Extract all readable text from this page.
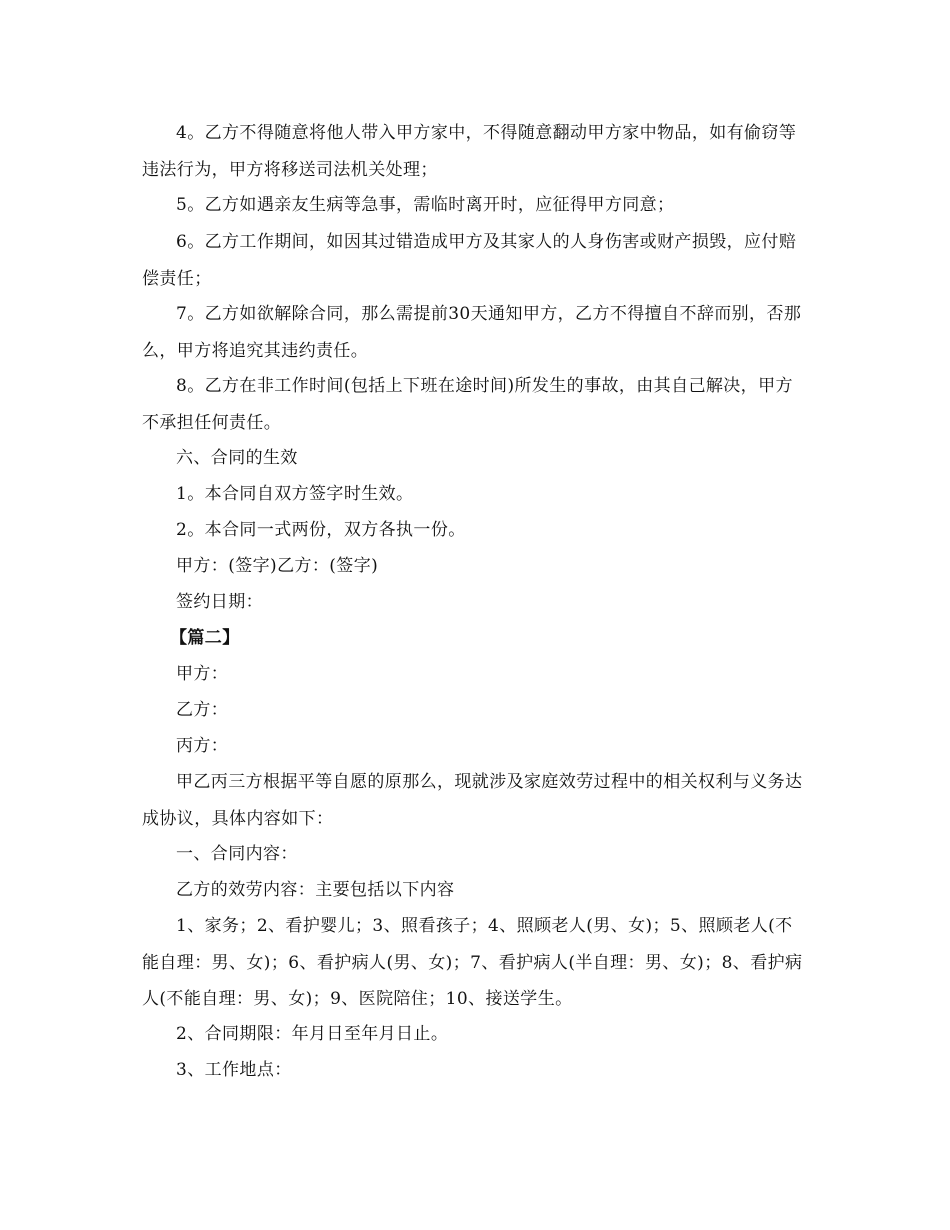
4。乙方不得随意将他人带入甲方家中，不得随意翻动甲方家中物品，如有偷窃等违法行为，甲方将移送司法机关处理；

5。乙方如遇亲友生病等急事，需临时离开时，应征得甲方同意；

6。乙方工作期间，如因其过错造成甲方及其家人的人身伤害或财产损毁，应付赔偿责任；

7。乙方如欲解除合同，那么需提前30天通知甲方，乙方不得擅自不辞而别，否那么，甲方将追究其违约责任。

8。乙方在非工作时间(包括上下班在途时间)所发生的事故，由其自己解决，甲方不承担任何责任。

六、合同的生效

1。本合同自双方签字时生效。

2。本合同一式两份，双方各执一份。

甲方：(签字)乙方：(签字)

签约日期：

【篇二】

甲方：

乙方：

丙方：

甲乙丙三方根据平等自愿的原那么，现就涉及家庭效劳过程中的相关权利与义务达成协议，具体内容如下：

一、合同内容：

乙方的效劳内容：主要包括以下内容

1、家务；2、看护婴儿；3、照看孩子；4、照顾老人(男、女)；5、照顾老人(不能自理：男、女)；6、看护病人(男、女)；7、看护病人(半自理：男、女)；8、看护病人(不能自理：男、女)；9、医院陪住；10、接送学生。

2、合同期限：年月日至年月日止。

3、工作地点：
